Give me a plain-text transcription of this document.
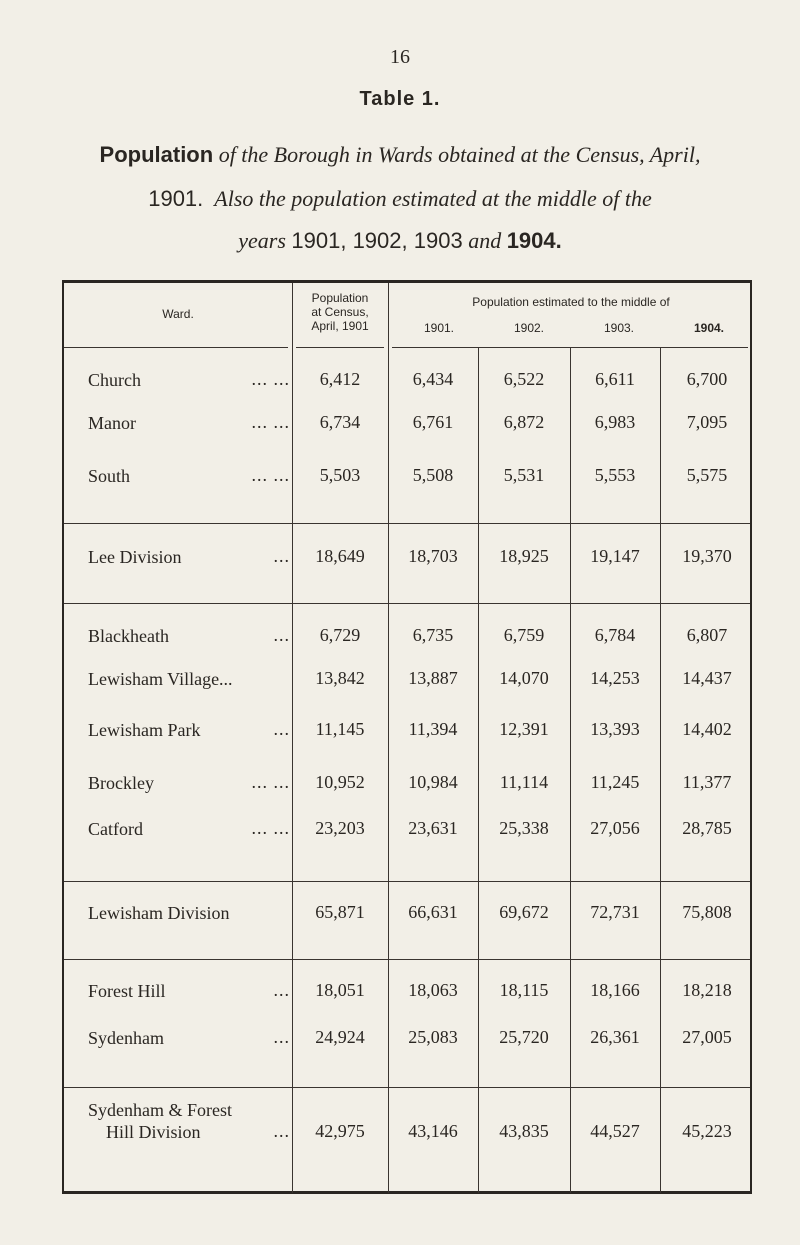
16
Table 1.
Population of the Borough in Wards obtained at the Census, April,
1901. Also the population estimated at the middle of the
years 1901, 1902, 1903 and 1904.
Ward.
Population
at Census,
April, 1901
Population estimated to the middle of
1901.	1902.	1903.	1904.
Church	... ...	6,412	6,434	6,522	6,611	6,700
Manor	... ...	6,734	6,761	6,872	6,983	7,095
South	... ...	5,503	5,508	5,531	5,553	5,575
Lee Division	...	18,649	18,703	18,925	19,147	19,370
Blackheath	...	6,729	6,735	6,759	6,784	6,807
Lewisham Village...	13,842	13,887	14,070	14,253	14,437
Lewisham Park	...	11,145	11,394	12,391	13,393	14,402
Brockley	... ...	10,952	10,984	11,114	11,245	11,377
Catford	... ...	23,203	23,631	25,338	27,056	28,785
Lewisham Division	65,871	66,631	69,672	72,731	75,808
Forest Hill	...	18,051	18,063	18,115	18,166	18,218
Sydenham	...	24,924	25,083	25,720	26,361	27,005
Sydenham & Forest
Hill Division	...	42,975	43,146	43,835	44,527	45,223
